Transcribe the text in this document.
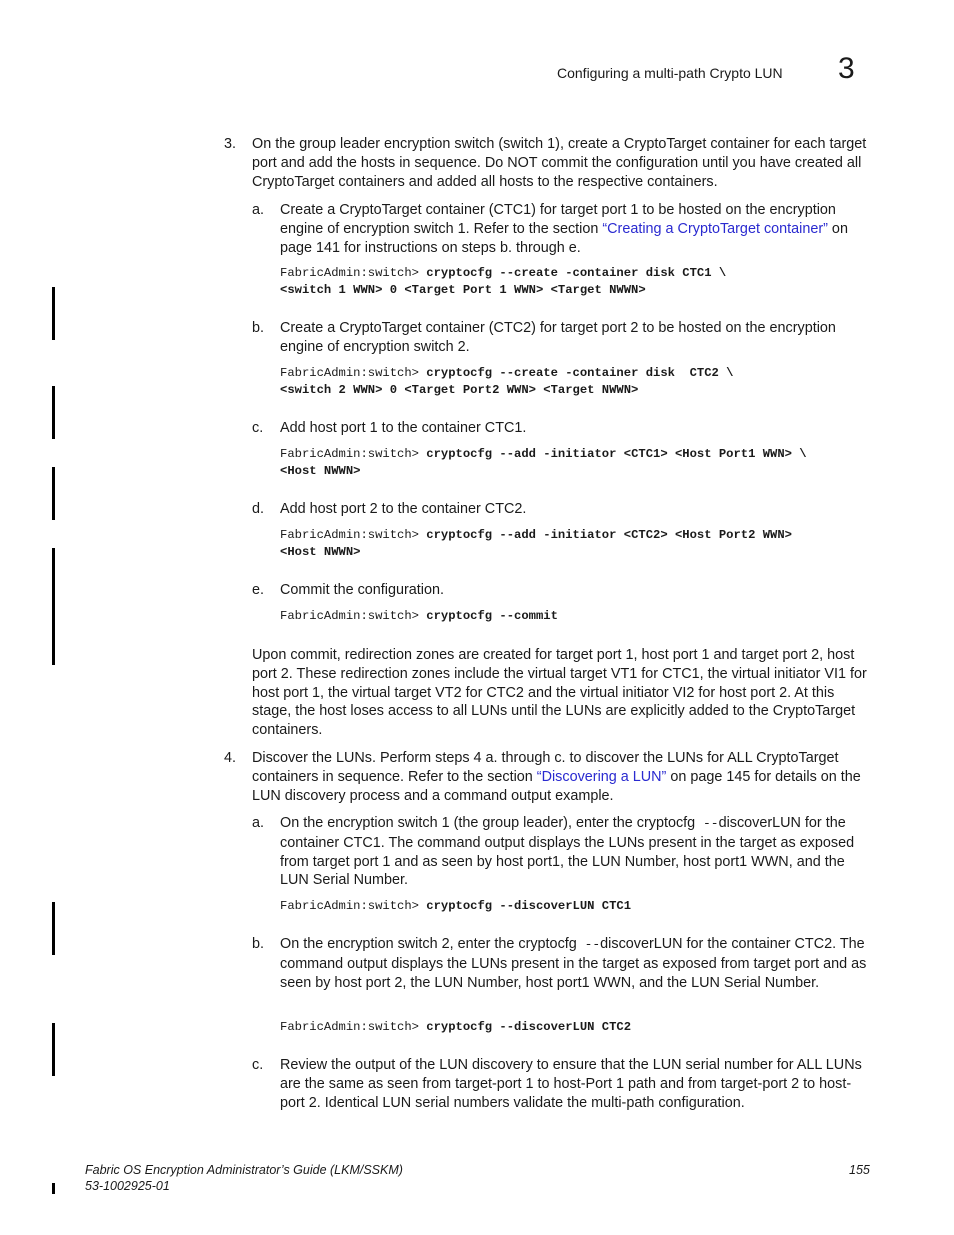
Configuring a multi-path Crypto LUN 3
3. On the group leader encryption switch (switch 1), create a CryptoTarget container for each target port and add the hosts in sequence. Do NOT commit the configuration until you have created all CryptoTarget containers and added all hosts to the respective containers.

a. Create a CryptoTarget container (CTC1) for target port 1 to be hosted on the encryption engine of encryption switch 1. Refer to the section “Creating a CryptoTarget container” on page 141 for instructions on steps b. through e.

FabricAdmin:switch> cryptocfg --create -container disk CTC1 \
<switch 1 WWN> 0 <Target Port 1 WWN> <Target NWWN>
b. Create a CryptoTarget container (CTC2) for target port 2 to be hosted on the encryption engine of encryption switch 2.

FabricAdmin:switch> cryptocfg --create -container disk  CTC2 \
<switch 2 WWN> 0 <Target Port2 WWN> <Target NWWN>
c. Add host port 1 to the container CTC1.

FabricAdmin:switch> cryptocfg --add -initiator <CTC1> <Host Port1 WWN> \
<Host NWWN>
d. Add host port 2 to the container CTC2.

FabricAdmin:switch> cryptocfg --add -initiator <CTC2> <Host Port2 WWN>
<Host NWWN>
e. Commit the configuration.

FabricAdmin:switch> cryptocfg --commit

Upon commit, redirection zones are created for target port 1, host port 1 and target port 2, host port 2. These redirection zones include the virtual target VT1 for CTC1, the virtual initiator VI1 for host port 1, the virtual target VT2 for CTC2 and the virtual initiator VI2 for host port 2. At this stage, the host loses access to all LUNs until the LUNs are explicitly added to the CryptoTarget containers.

4. Discover the LUNs. Perform steps 4 a. through c. to discover the LUNs for ALL CryptoTarget containers in sequence. Refer to the section “Discovering a LUN” on page 145 for details on the LUN discovery process and a command output example.

a. On the encryption switch 1 (the group leader), enter the cryptocfg --discoverLUN for the container CTC1. The command output displays the LUNs present in the target as exposed from target port 1 and as seen by host port1, the LUN Number, host port1 WWN, and the LUN Serial Number.

FabricAdmin:switch> cryptocfg --discoverLUN CTC1
b. On the encryption switch 2, enter the cryptocfg --discoverLUN for the container CTC2. The command output displays the LUNs present in the target as exposed from target port and as seen by host port 2, the LUN Number, host port1 WWN, and the LUN Serial Number.

FabricAdmin:switch> cryptocfg --discoverLUN CTC2
c. Review the output of the LUN discovery to ensure that the LUN serial number for ALL LUNs are the same as seen from target-port 1 to host-Port 1 path and from target-port 2 to host-port 2. Identical LUN serial numbers validate the multi-path configuration.

Fabric OS Encryption Administrator’s Guide (LKM/SSKM)
53-1002925-01
155
